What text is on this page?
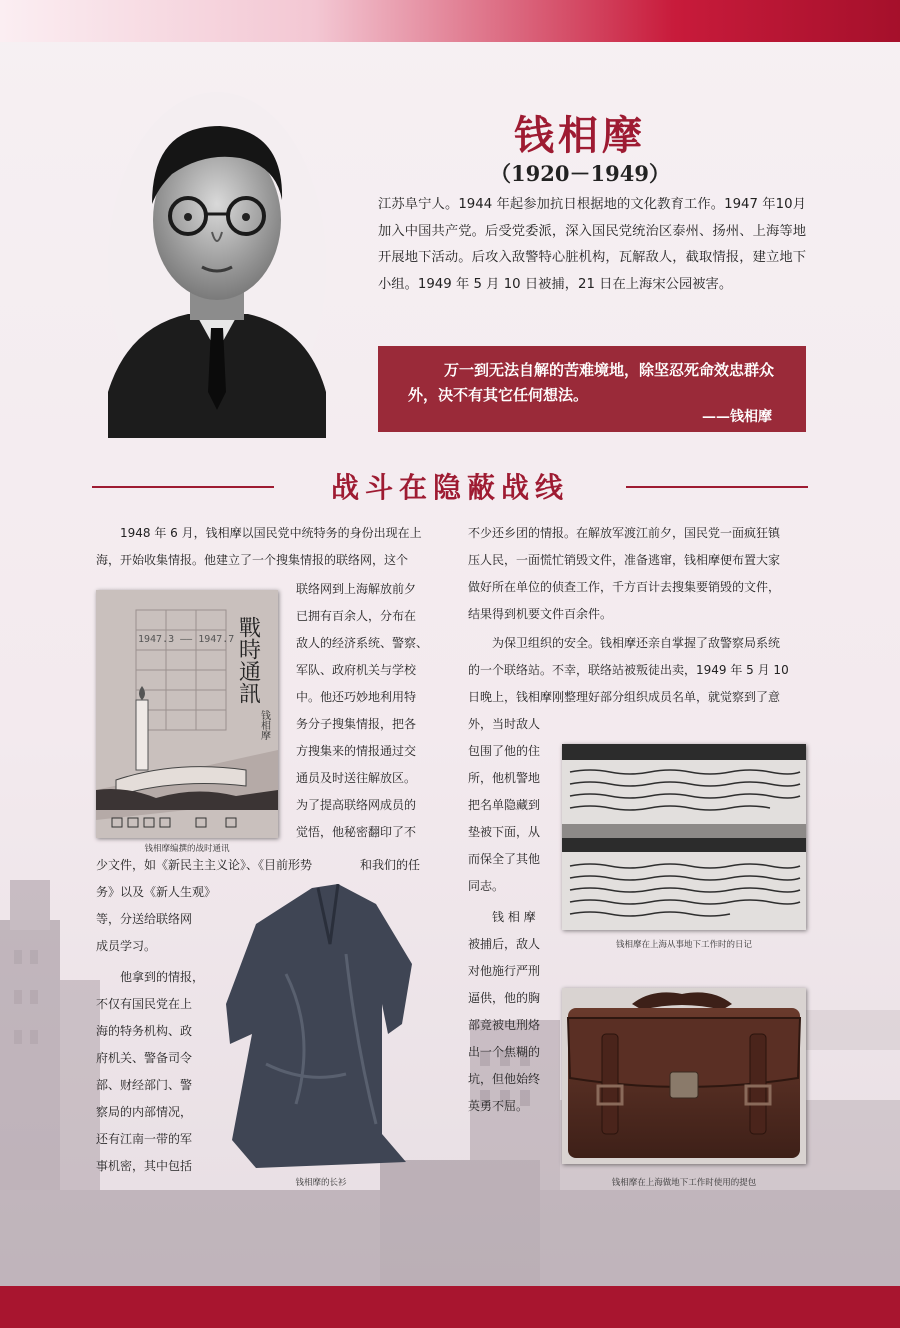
钱相摩
（1920－1949）
江苏阜宁人。1944 年起参加抗日根据地的文化教育工作。1947 年10月加入中国共产党。后受党委派，深入国民党统治区泰州、扬州、上海等地开展地下活动。后攻入敌警特心脏机构，瓦解敌人，截取情报，建立地下小组。1949 年 5 月 10 日被捕，21 日在上海宋公园被害。
万一到无法自解的苦难境地，除坚忍死命效忠群众外，决不有其它任何想法。
——钱相摩
战斗在隐蔽战线
1948 年 6 月，钱相摩以国民党中统特务的身份出现在上
海，开始收集情报。他建立了一个搜集情报的联络网，这个
联络网到上海解放前夕
已拥有百余人，分布在
敌人的经济系统、警察、
军队、政府机关与学校
中。他还巧妙地利用特
务分子搜集情报，把各
方搜集来的情报通过交
通员及时送往解放区。
为了提高联络网成员的
觉悟，他秘密翻印了不
少文件，如《新民主主义论》、《目前形势	和我们的任
务》以及《新人生观》
等，分送给联络网
成员学习。
他拿到的情报，
不仅有国民党在上
海的特务机构、政
府机关、警备司令
部、财经部门、警
察局的内部情况，
还有江南一带的军
事机密，其中包括
不少还乡团的情报。在解放军渡江前夕，国民党一面疯狂镇
压人民，一面慌忙销毁文件，准备逃窜，钱相摩便布置大家
做好所在单位的侦查工作，千方百计去搜集要销毁的文件，
结果得到机要文件百余件。
为保卫组织的安全。钱相摩还亲自掌握了敌警察局系统
的一个联络站。不幸，联络站被叛徒出卖，1949 年 5 月 10
日晚上，钱相摩刚整理好部分组织成员名单，就觉察到了意
外，当时敌人
包围了他的住
所，他机警地
把名单隐藏到
垫被下面，从
而保全了其他
同志。
钱 相 摩
被捕后，敌人
对他施行严刑
逼供，他的胸
部竟被电刑烙
出一个焦糊的
坑，但他始终
英勇不屈。
1947.3 —— 1947.7 戰時通訊
钱相摩
钱相摩编撰的战时通讯
钱相摩的长衫
钱相摩在上海从事地下工作时的日记
钱相摩在上海做地下工作时使用的提包
